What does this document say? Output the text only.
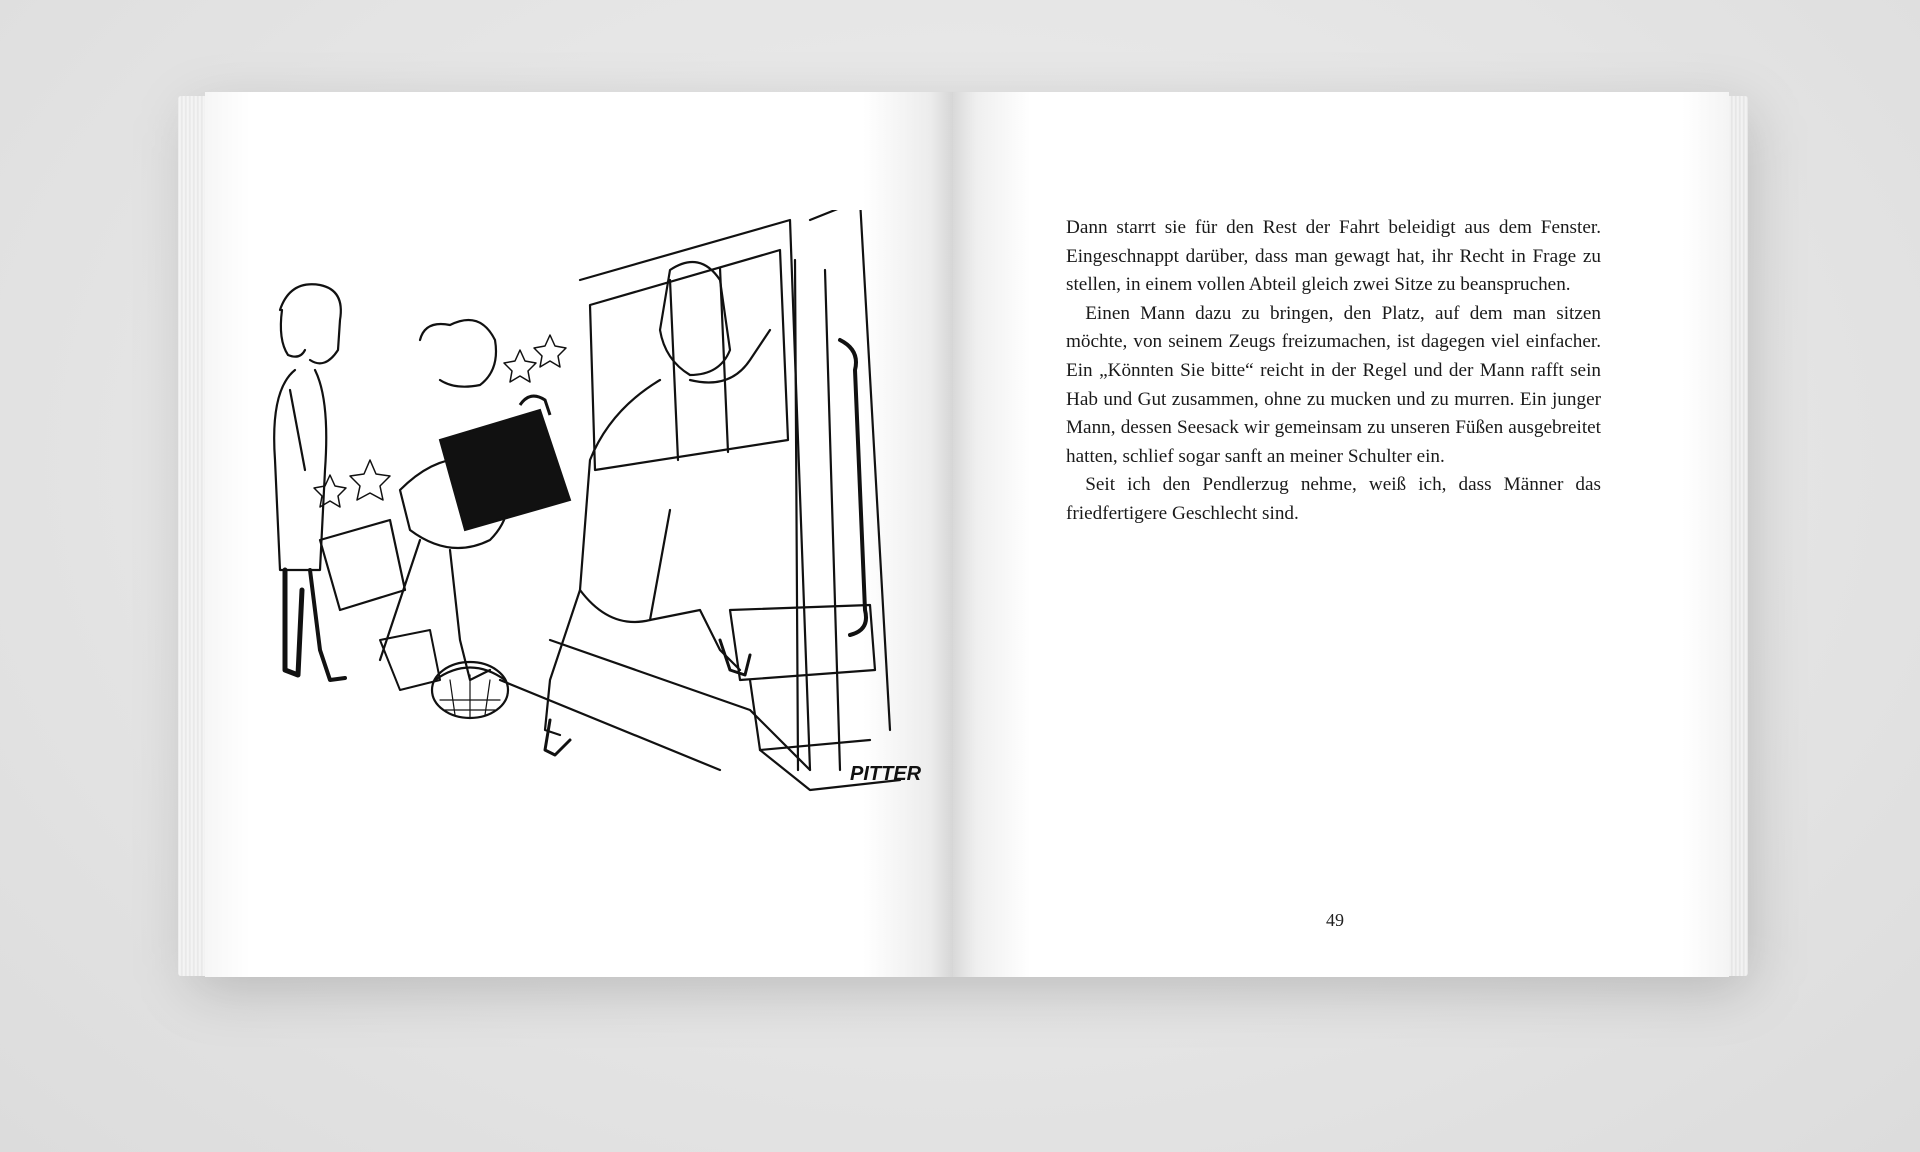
PITTER

Dann starrt sie für den Rest der Fahrt beleidigt aus dem Fenster. Eingeschnappt darüber, dass man gewagt hat, ihr Recht in Frage zu stellen, in einem vollen Abteil gleich zwei Sitze zu beanspruchen.

Einen Mann dazu zu bringen, den Platz, auf dem man sitzen möchte, von seinem Zeugs freizumachen, ist dagegen viel einfacher. Ein „Könnten Sie bitte“ reicht in der Regel und der Mann rafft sein Hab und Gut zusammen, ohne zu mucken und zu murren. Ein junger Mann, dessen Seesack wir gemeinsam zu unseren Füßen ausgebreitet hatten, schlief sogar sanft an meiner Schulter ein.

Seit ich den Pendlerzug nehme, weiß ich, dass Männer das friedfertigere Geschlecht sind.

49
